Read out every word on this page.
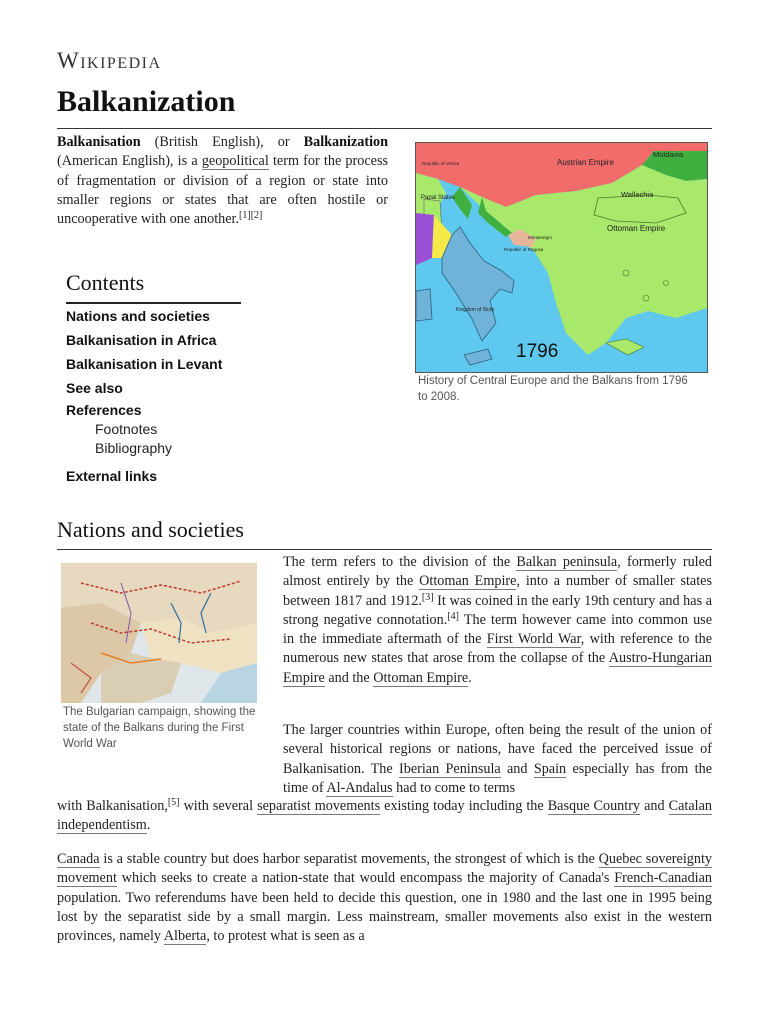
Wikipedia
Balkanization

Balkanisation (British English), or Balkanization (American English), is a geopolitical term for the process of fragmentation or division of a region or state into smaller regions or states that are often hostile or uncooperative with one another.[1][2]

Austrian Empire
Moldavia
Wallachia
Ottoman Empire
Montenegro
Republic of Ragusa
Republic of Venice
Papal States
Kingdom of Sicily
1796
History of Central Europe and the Balkans from 1796 to 2008.
Contents
Nations and societies
Balkanisation in Africa
Balkanisation in Levant
See also
References
Footnotes
Bibliography
External links
Nations and societies
The Bulgarian campaign, showing the state of the Balkans during the First World War

The term refers to the division of the Balkan peninsula, formerly ruled almost entirely by the Ottoman Empire, into a number of smaller states between 1817 and 1912.[3] It was coined in the early 19th century and has a strong negative connotation.[4] The term however came into common use in the immediate aftermath of the First World War, with reference to the numerous new states that arose from the collapse of the Austro-Hungarian Empire and the Ottoman Empire.

The larger countries within Europe, often being the result of the union of several historical regions or nations, have faced the perceived issue of Balkanisation. The Iberian Peninsula and Spain especially has from the time of Al-Andalus had to come to terms

with Balkanisation,[5] with several separatist movements existing today including the Basque Country and Catalan independentism.

Canada is a stable country but does harbor separatist movements, the strongest of which is the Quebec sovereignty movement which seeks to create a nation-state that would encompass the majority of Canada's French-Canadian population. Two referendums have been held to decide this question, one in 1980 and the last one in 1995 being lost by the separatist side by a small margin. Less mainstream, smaller movements also exist in the western provinces, namely Alberta, to protest what is seen as a
